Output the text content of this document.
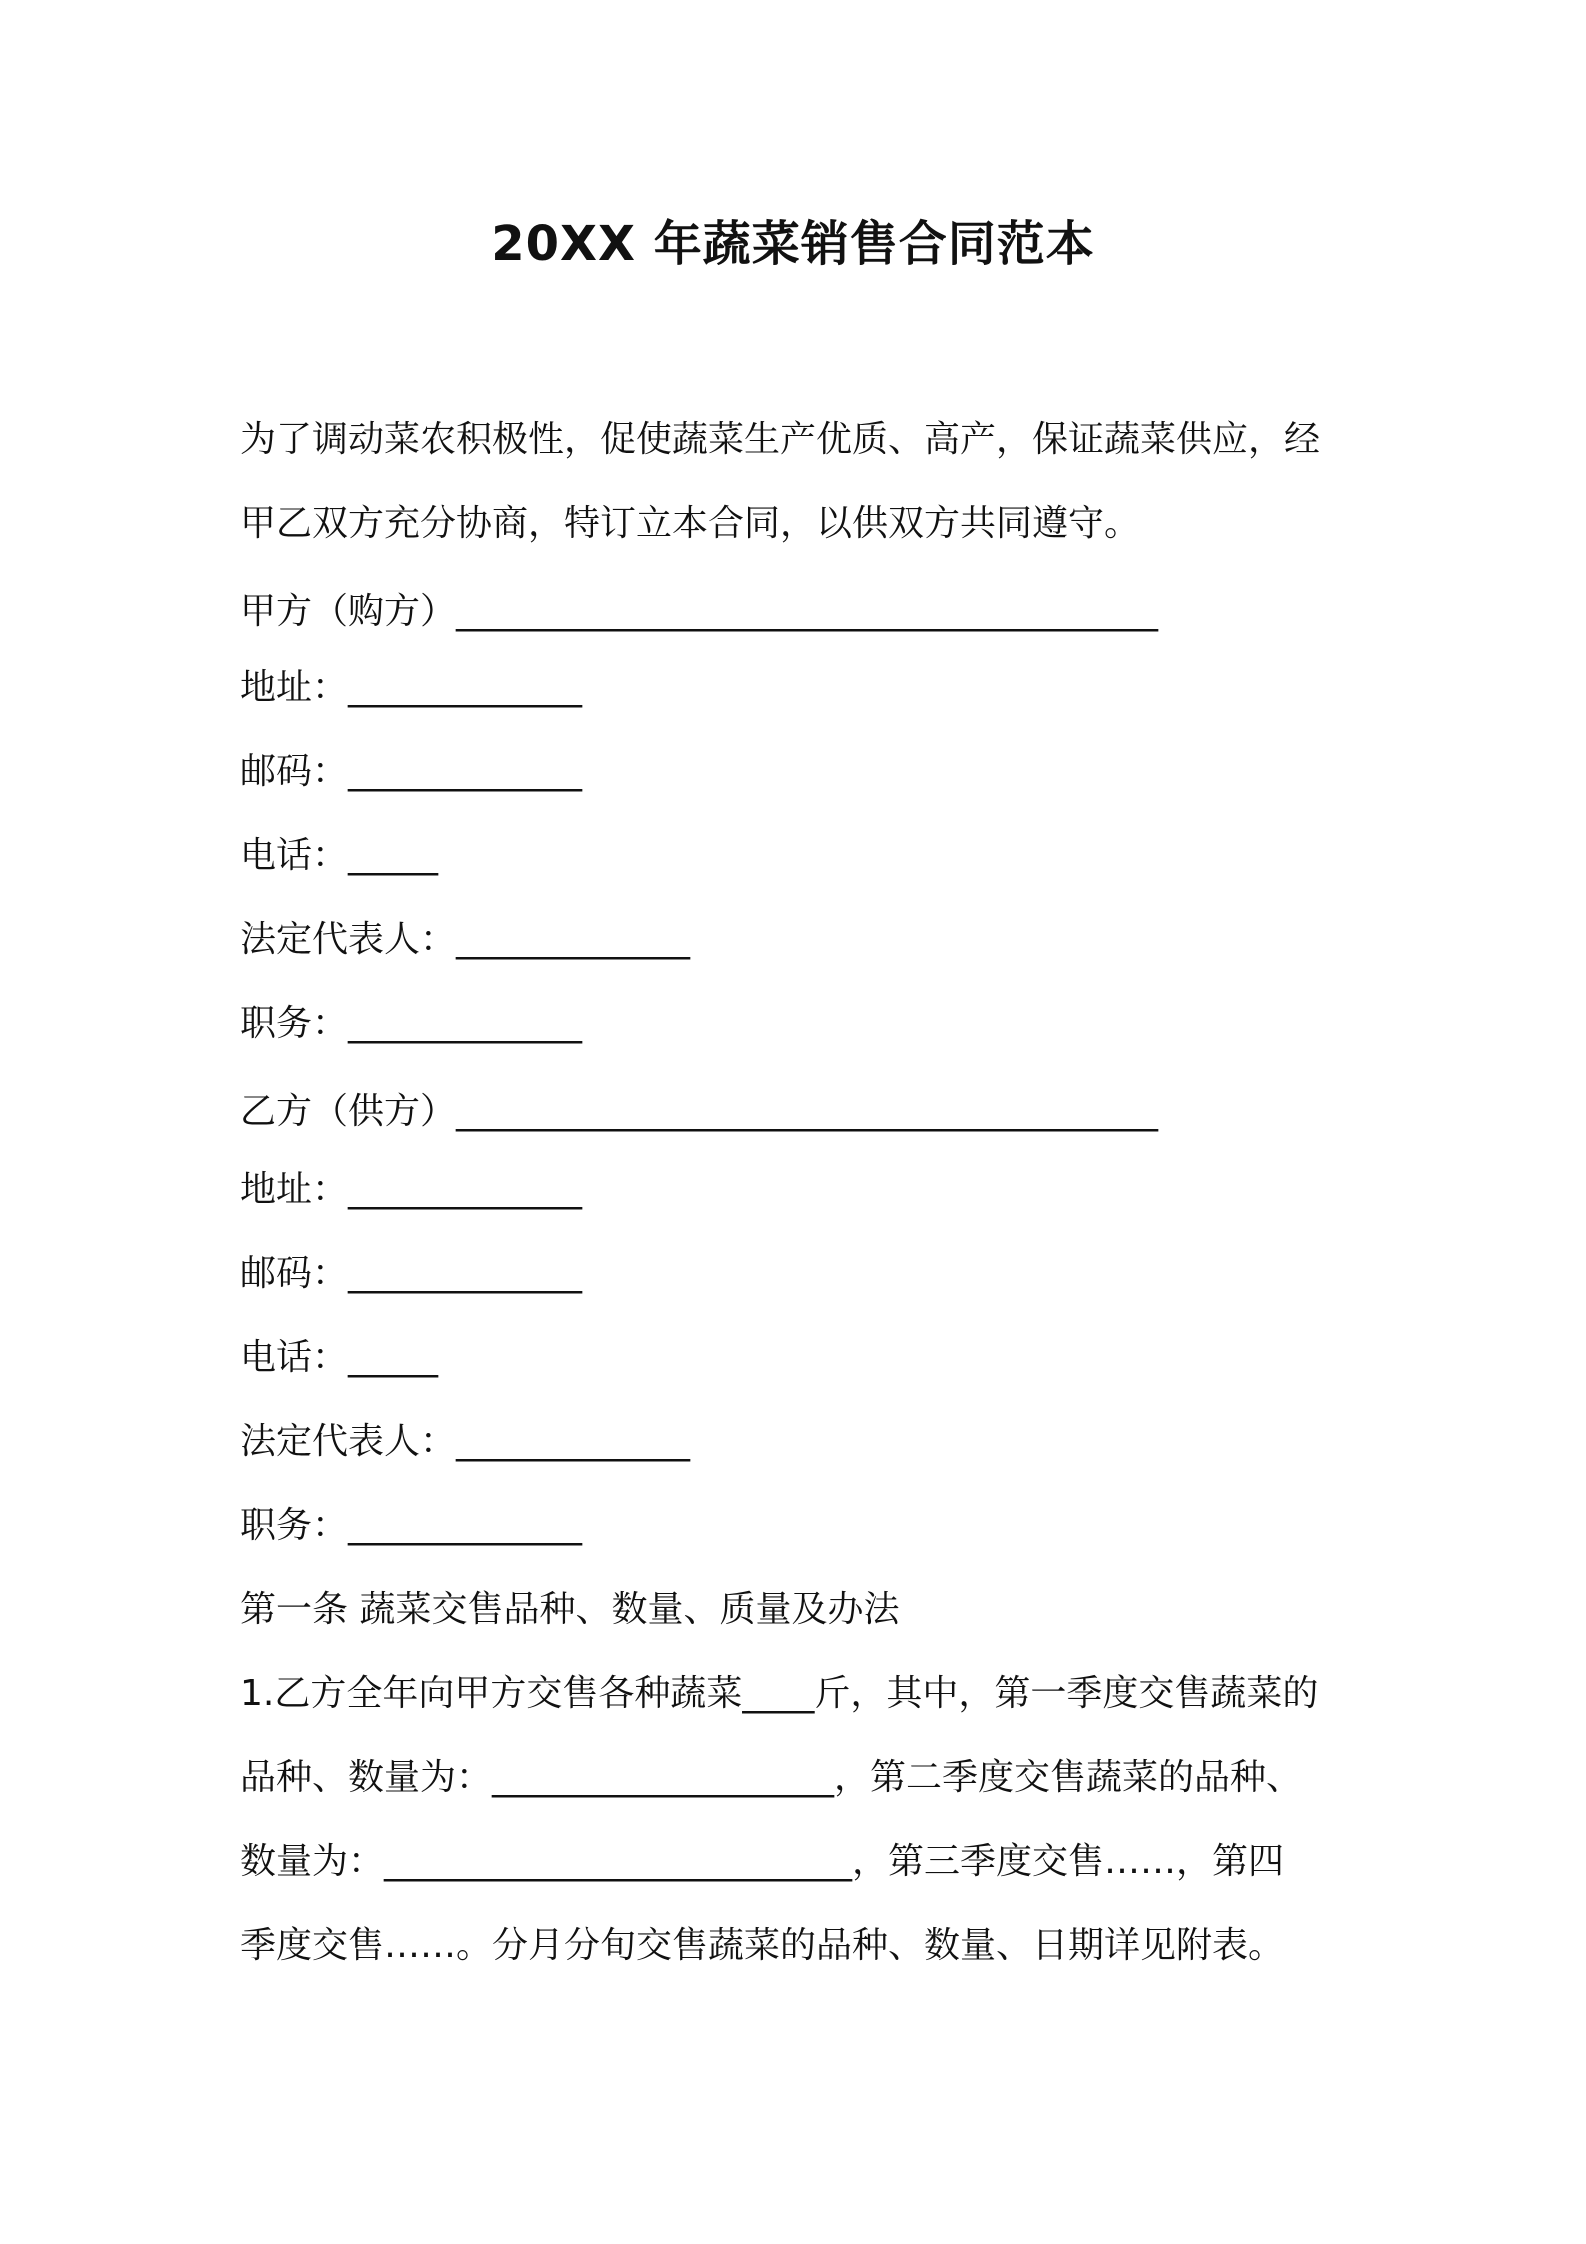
20XX 年蔬菜销售合同范本
为了调动菜农积极性，促使蔬菜生产优质、高产，保证蔬菜供应，经
甲乙双方充分协商，特订立本合同，以供双方共同遵守。
甲方（购方）_______________________________________
地址：_____________
邮码：_____________
电话：_____
法定代表人：_____________
职务：_____________
乙方（供方）_______________________________________
地址：_____________
邮码：_____________
电话：_____
法定代表人：_____________
职务：_____________
第一条 蔬菜交售品种、数量、质量及办法
1.乙方全年向甲方交售各种蔬菜____斤，其中，第一季度交售蔬菜的
品种、数量为：___________________，第二季度交售蔬菜的品种、
数量为：__________________________，第三季度交售……，第四
季度交售……。分月分旬交售蔬菜的品种、数量、日期详见附表。
